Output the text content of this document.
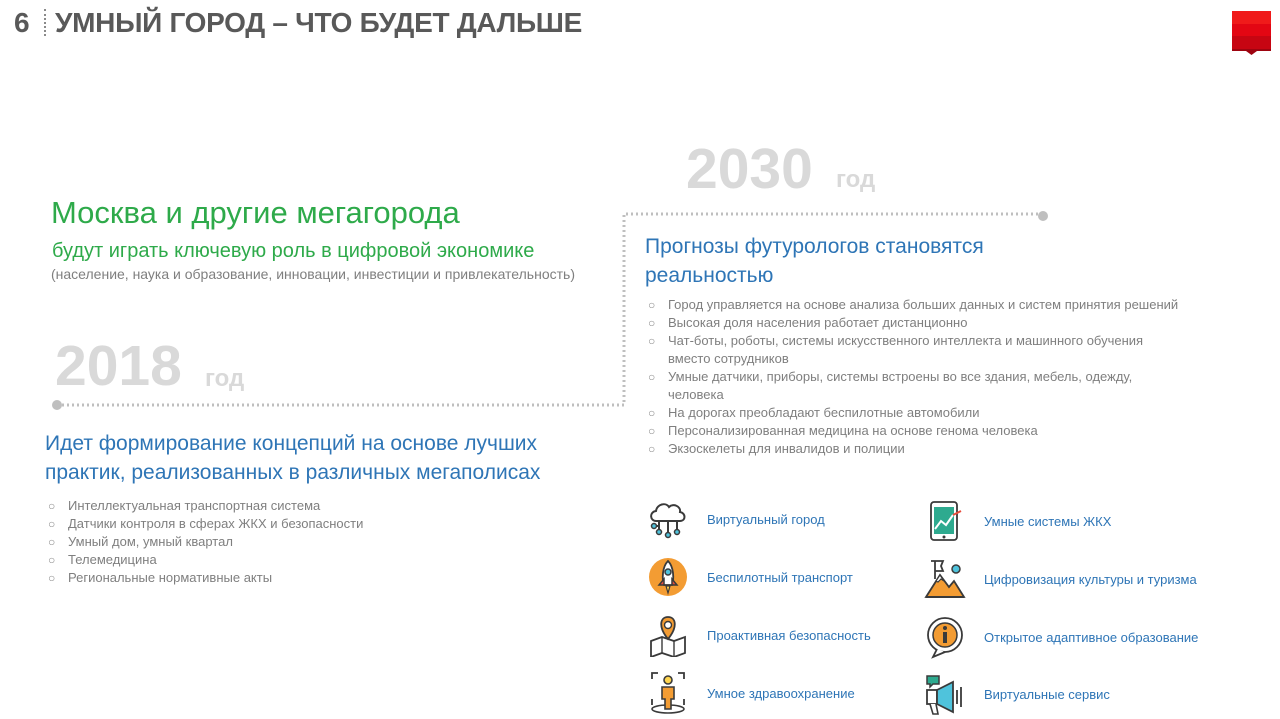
6 УМНЫЙ ГОРОД – ЧТО БУДЕТ ДАЛЬШЕ
Москва и другие мегагорода
будут играть ключевую роль в цифровой экономике
(население, наука и образование, инновации, инвестиции и привлекательность)
2030 год
2018 год
Прогнозы футурологов становятся реальностью
○ Город управляется на основе анализа больших данных и систем принятия решений
○ Высокая доля населения работает дистанционно
○ Чат-боты, роботы, системы искусственного интеллекта и машинного обучения вместо сотрудников
○ Умные датчики, приборы, системы встроены во все здания, мебель, одежду, человека
○ На дорогах преобладают беспилотные автомобили
○ Персонализированная медицина на основе генома человека
○ Экзоскелеты для инвалидов и полиции
Идет формирование концепций на основе лучших практик, реализованных в различных мегаполисах
○ Интеллектуальная транспортная система
○ Датчики контроля в сферах ЖКХ и безопасности
○ Умный дом, умный квартал
○ Телемедицина
○ Региональные нормативные акты
Виртуальный город
Беспилотный транспорт
Проактивная безопасность
Умное здравоохранение
Умные системы ЖКХ
Цифровизация культуры и туризма
Открытое адаптивное образование
Виртуальные сервис
